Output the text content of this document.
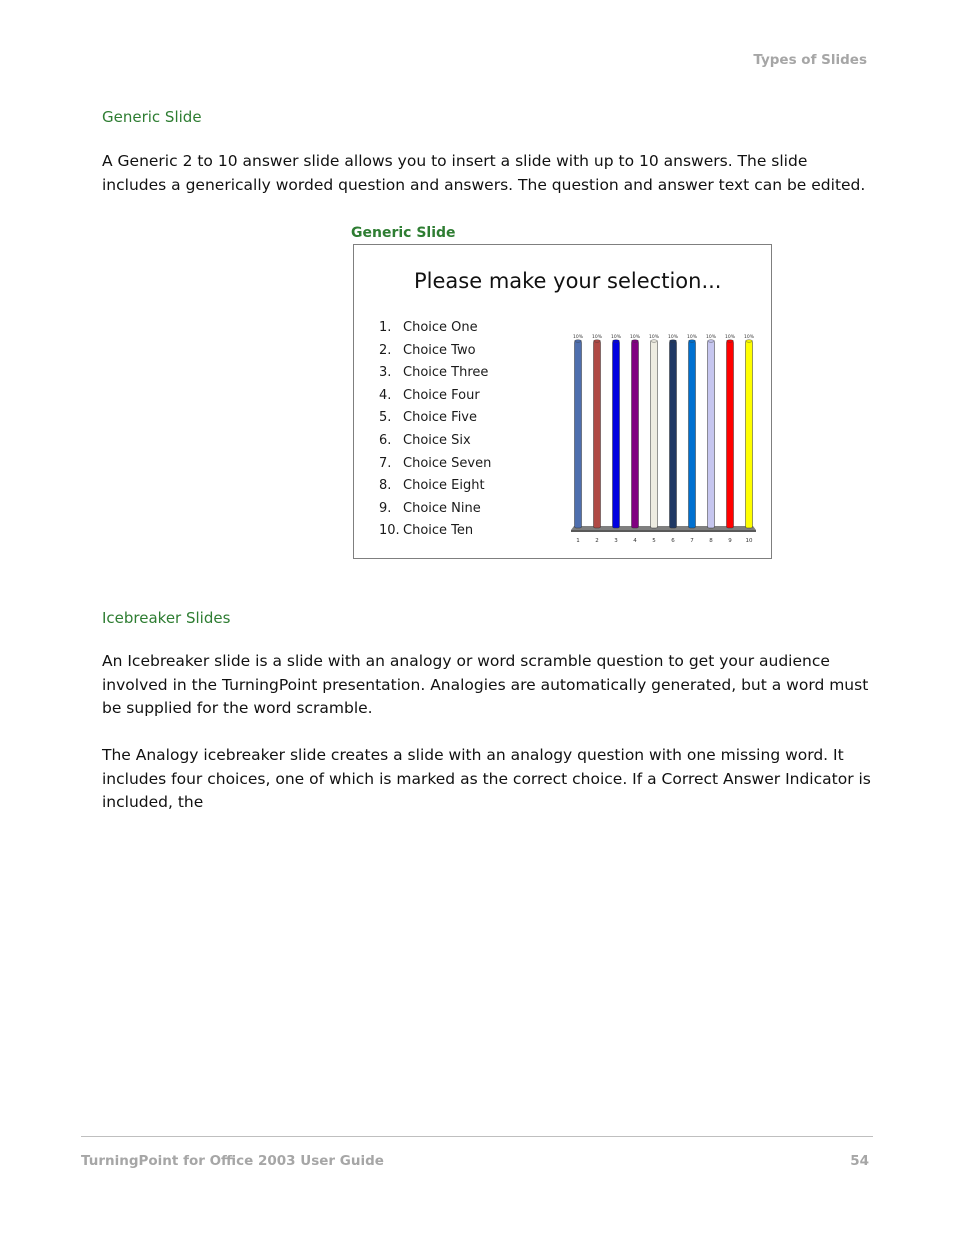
Types of Slides
Generic Slide
A Generic 2 to 10 answer slide allows you to insert a slide with up to 10 answers. The slide includes a generically worded question and answers. The question and answer text can be edited.
Generic Slide
Please make your selection...
1. Choice One
2. Choice Two
3. Choice Three
4. Choice Four
5. Choice Five
6. Choice Six
7. Choice Seven
8. Choice Eight
9. Choice Nine
10. Choice Ten
10%
1
10%
2
10%
3
10%
4
10%
5
10%
6
10%
7
10%
8
10%
9
10%
10
Icebreaker Slides
An Icebreaker slide is a slide with an analogy or word scramble question to get your audience involved in the TurningPoint presentation. Analogies are automatically generated, but a word must be supplied for the word scramble.
The Analogy icebreaker slide creates a slide with an analogy question with one missing word. It includes four choices, one of which is marked as the correct choice. If a Correct Answer Indicator is included, the
TurningPoint for Office 2003 User Guide	54
